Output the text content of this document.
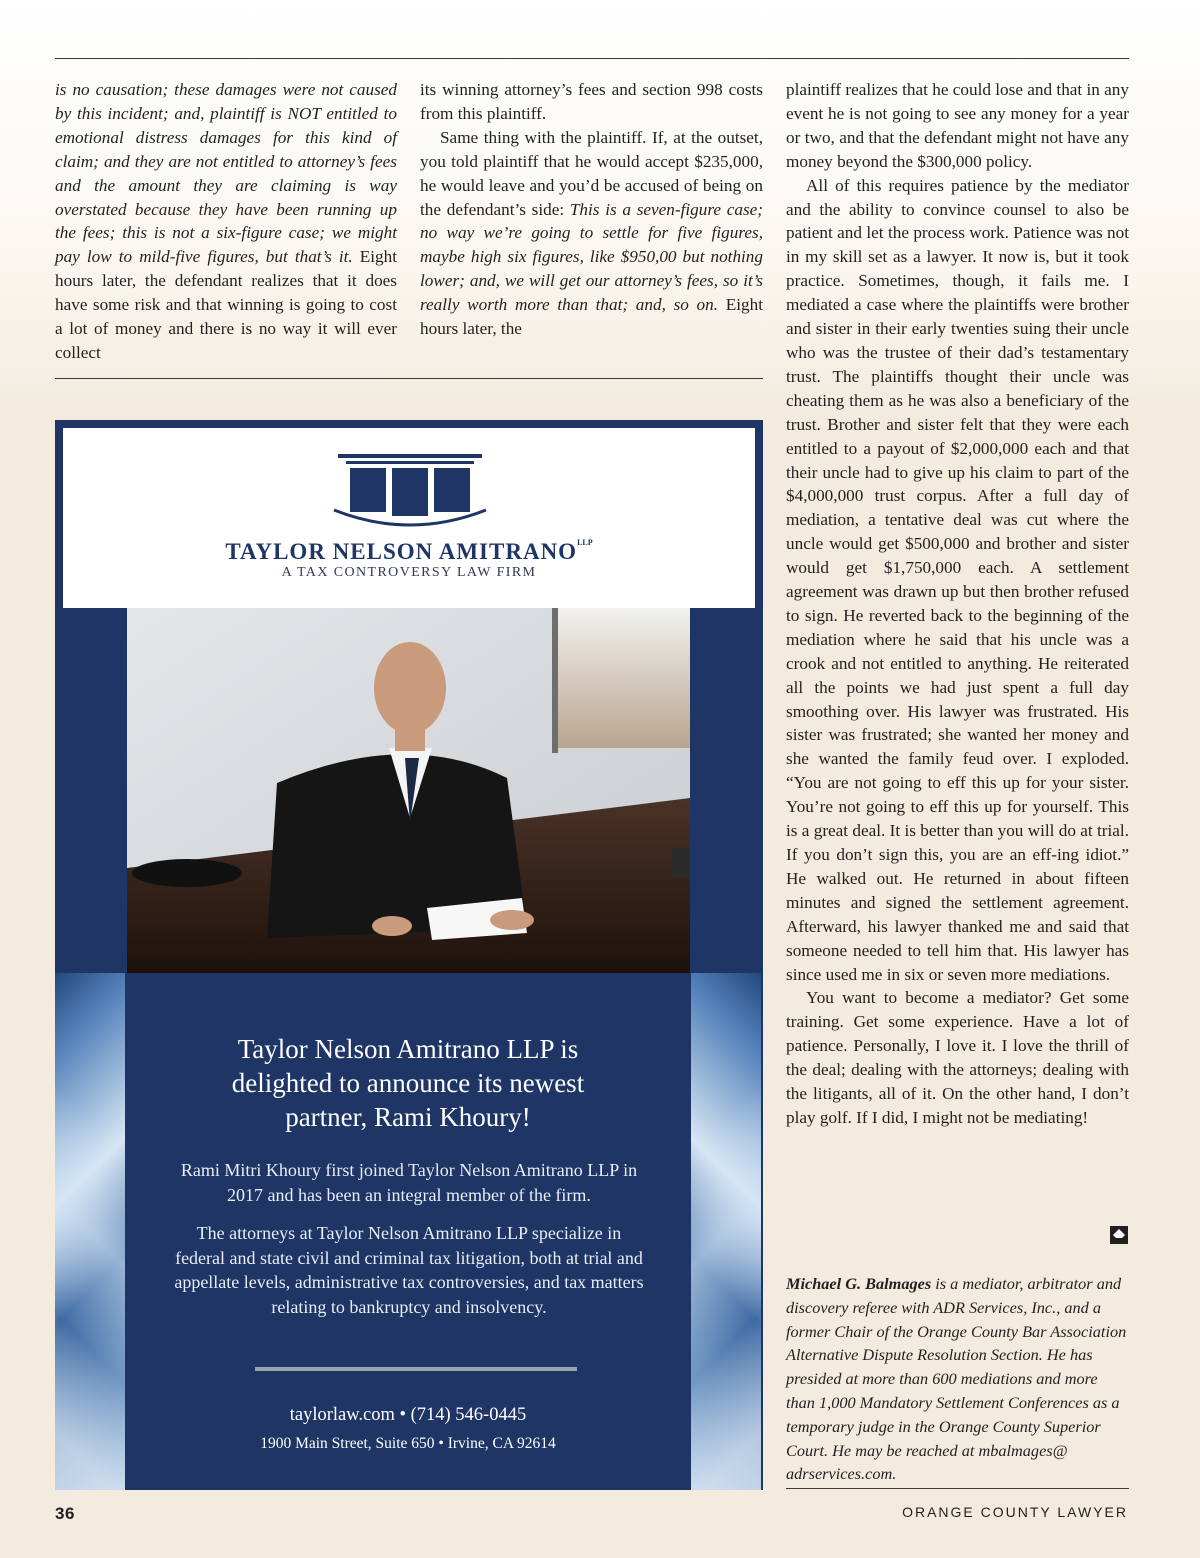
is no causation; these damages were not caused by this incident; and, plaintiff is NOT entitled to emotional distress damages for this kind of claim; and they are not entitled to attorney’s fees and the amount they are claiming is way overstated because they have been running up the fees; this is not a six-figure case; we might pay low to mild-five figures, but that’s it. Eight hours later, the defendant realizes that it does have some risk and that winning is going to cost a lot of money and there is no way it will ever collect

its winning attorney’s fees and section 998 costs from this plaintiff.

Same thing with the plaintiff. If, at the outset, you told plaintiff that he would accept $235,000, he would leave and you’d be accused of being on the defendant’s side: This is a seven-figure case; no way we’re going to settle for five figures, maybe high six figures, like $950,00 but nothing lower; and, we will get our attorney’s fees, so it’s really worth more than that; and, so on. Eight hours later, the

plaintiff realizes that he could lose and that in any event he is not going to see any money for a year or two, and that the defendant might not have any money beyond the $300,000 policy.

All of this requires patience by the mediator and the ability to convince counsel to also be patient and let the process work. Patience was not in my skill set as a lawyer. It now is, but it took practice. Sometimes, though, it fails me. I mediated a case where the plaintiffs were brother and sister in their early twenties suing their uncle who was the trustee of their dad’s testamentary trust. The plaintiffs thought their uncle was cheating them as he was also a beneficiary of the trust. Brother and sister felt that they were each entitled to a payout of $2,000,000 each and that their uncle had to give up his claim to part of the $4,000,000 trust corpus. After a full day of mediation, a tentative deal was cut where the uncle would get $500,000 and brother and sister would get $1,750,000 each. A settlement agreement was drawn up but then brother refused to sign. He reverted back to the beginning of the mediation where he said that his uncle was a crook and not entitled to anything. He reiterated all the points we had just spent a full day smoothing over. His lawyer was frustrated. His sister was frustrated; she wanted her money and she wanted the family feud over. I exploded. “You are not going to eff this up for your sister. You’re not going to eff this up for yourself. This is a great deal. It is better than you will do at trial. If you don’t sign this, you are an eff-ing idiot.” He walked out. He returned in about fifteen minutes and signed the settlement agreement. Afterward, his lawyer thanked me and said that someone needed to tell him that. His lawyer has since used me in six or seven more mediations.

You want to become a mediator? Get some training. Get some experience. Have a lot of patience. Personally, I love it. I love the thrill of the deal; dealing with the attorneys; dealing with the litigants, all of it. On the other hand, I don’t play golf. If I did, I might not be mediating!

Michael G. Balmages is a mediator, arbitrator and discovery referee with ADR Services, Inc., and a former Chair of the Orange County Bar Association Alternative Dispute Resolution Section. He has presided at more than 600 mediations and more than 1,000 Mandatory Settlement Conferences as a temporary judge in the Orange County Superior Court. He may be reached at mbalmages@ adrservices.com.
TAYLOR NELSON $AMITRANO^{LLP}$
A TAX CONTROVERSY LAW FIRM
Taylor Nelson Amitrano LLP is
delighted to announce its newest
partner, Rami Khoury!

Rami Mitri Khoury first joined Taylor Nelson Amitrano LLP in 2017 and has been an integral member of the firm.

The attorneys at Taylor Nelson Amitrano LLP specialize in federal and state civil and criminal tax litigation, both at trial and appellate levels, administrative tax controversies, and tax matters relating to bankruptcy and insolvency.

taylorlaw.com • (714) 546-0445
1900 Main Street, Suite 650 • Irvine, CA 92614
36	ORANGE COUNTY LAWYER
